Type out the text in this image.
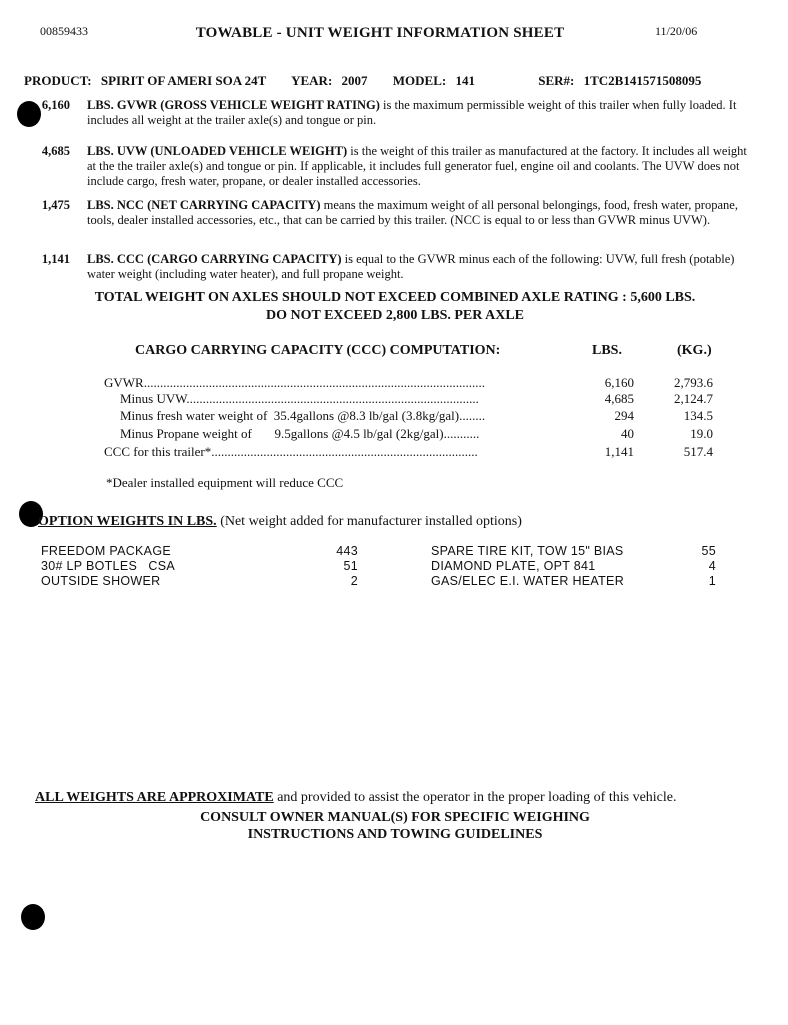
00859433	TOWABLE - UNIT WEIGHT INFORMATION SHEET	11/20/06
PRODUCT: SPIRIT OF AMERI SOA 24T YEAR: 2007 MODEL: 141	SER#: 1TC2B141571508095
6,160 LBS. GVWR (GROSS VEHICLE WEIGHT RATING) is the maximum permissible weight of this trailer when fully loaded. It includes all weight at the trailer axle(s) and tongue or pin.
4,685 LBS. UVW (UNLOADED VEHICLE WEIGHT) is the weight of this trailer as manufactured at the factory. It includes all weight at the the trailer axle(s) and tongue or pin. If applicable, it includes full generator fuel, engine oil and coolants. The UVW does not include cargo, fresh water, propane, or dealer installed accessories.
1,475 LBS. NCC (NET CARRYING CAPACITY) means the maximum weight of all personal belongings, food, fresh water, propane, tools, dealer installed accessories, etc., that can be carried by this trailer. (NCC is equal to or less than GVWR minus UVW).
1,141 LBS. CCC (CARGO CARRYING CAPACITY) is equal to the GVWR minus each of the following: UVW, full fresh (potable) water weight (including water heater), and full propane weight.
TOTAL WEIGHT ON AXLES SHOULD NOT EXCEED COMBINED AXLE RATING : 5,600 LBS.
DO NOT EXCEED 2,800 LBS. PER AXLE
CARGO CARRYING CAPACITY (CCC) COMPUTATION:	LBS.	(KG.)
GVWR.........................................................................................................	6,160	2,793.6
Minus UVW..........................................................................................	4,685	2,124.7
Minus fresh water weight of  35.4gallons @8.3 lb/gal (3.8kg/gal)........	294	134.5
Minus Propane weight of       9.5gallons @4.5 lb/gal (2kg/gal)...........	40	19.0
CCC for this trailer*..................................................................................	1,141	517.4
*Dealer installed equipment will reduce CCC
OPTION WEIGHTS IN LBS. (Net weight added for manufacturer installed options)
FREEDOM PACKAGE	443
30# LP BOTLES   CSA	51
OUTSIDE SHOWER	2
SPARE TIRE KIT, TOW 15" BIAS	55
DIAMOND PLATE, OPT 841	4
GAS/ELEC E.I. WATER HEATER	1
ALL WEIGHTS ARE APPROXIMATE and provided to assist the operator in the proper loading of this vehicle.
CONSULT OWNER MANUAL(S) FOR SPECIFIC WEIGHING
INSTRUCTIONS AND TOWING GUIDELINES
